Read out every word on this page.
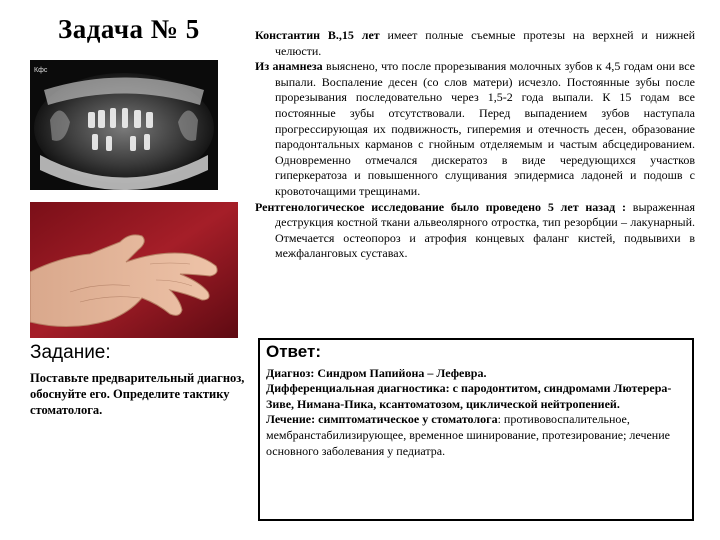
Задача № 5
Кфс

Константин В.,15 лет имеет полные съемные протезы на верхней и нижней челюсти.

Из анамнеза выяснено, что после прорезывания молочных зубов к 4,5 годам они все выпали. Воспаление десен (со слов матери) исчезло. Постоянные зубы после прорезывания последовательно через 1,5-2 года выпали. К 15 годам все постоянные зубы отсутствовали. Перед выпадением зубов наступала прогрессирующая их подвижность, гиперемия и отечность десен, образование пародонтальных карманов с гнойным отделяемым и частым абсцедированием. Одновременно отмечался дискератоз в виде чередующихся участков гиперкератоза и повышенного слущивания эпидермиса ладоней и подошв с кровоточащими трещинами.

Рентгенологическое исследование было проведено 5 лет назад : выраженная деструкция костной ткани альвеолярного отростка, тип резорбции – лакунарный. Отмечается остеопороз и атрофия концевых фаланг кистей, подвывихи в межфаланговых суставах.

Задание:
Поставьте предварительный диагноз, обоснуйте его. Определите тактику стоматолога.
Ответ:

Диагноз: Синдром Папийона – Лефевра.

Дифференциальная диагностика: с пародонтитом, синдромами Лютерера-Зиве, Нимана-Пика, ксантоматозом, циклической нейтропенией.

Лечение: симптоматическое у стоматолога: противовоспалительное, мембранстабилизирующее, временное шинирование, протезирование; лечение основного заболевания у педиатра.
